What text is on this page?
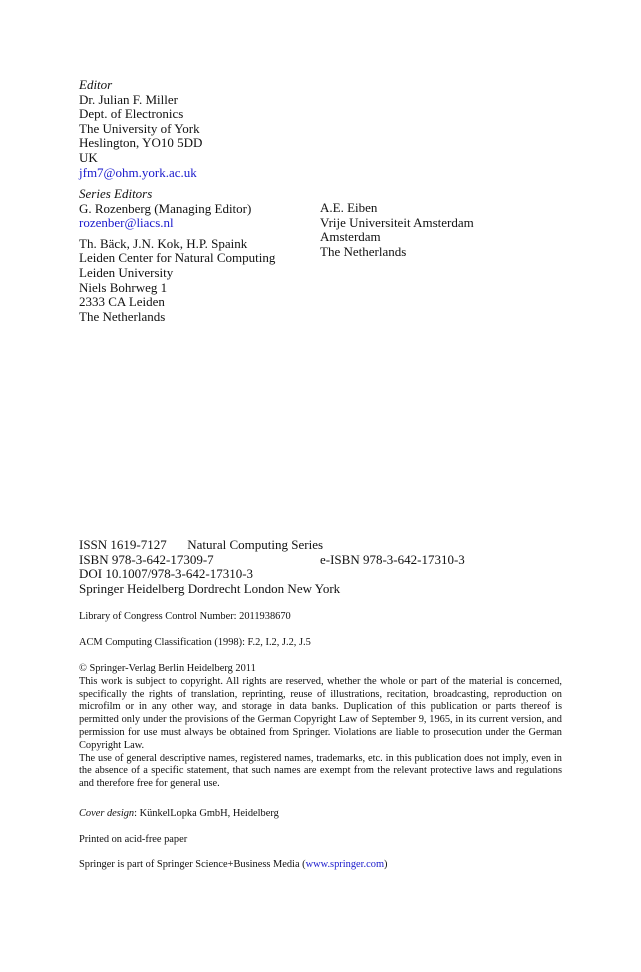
Editor
Dr. Julian F. Miller
Dept. of Electronics
The University of York
Heslington, YO10 5DD
UK
jfm7@ohm.york.ac.uk
Series Editors
G. Rozenberg (Managing Editor)
rozenber@liacs.nl
Th. Bäck, J.N. Kok, H.P. Spaink
Leiden Center for Natural Computing
Leiden University
Niels Bohrweg 1
2333 CA Leiden
The Netherlands
A.E. Eiben
Vrije Universiteit Amsterdam
Amsterdam
The Netherlands
ISSN 1619-7127 Natural Computing Series
ISBN 978-3-642-17309-7	e-ISBN 978-3-642-17310-3
DOI 10.1007/978-3-642-17310-3
Springer Heidelberg Dordrecht London New York
Library of Congress Control Number: 2011938670
ACM Computing Classification (1998): F.2, I.2, J.2, J.5
© Springer-Verlag Berlin Heidelberg 2011
This work is subject to copyright. All rights are reserved, whether the whole or part of the material is concerned, specifically the rights of translation, reprinting, reuse of illustrations, recitation, broadcasting, reproduction on microfilm or in any other way, and storage in data banks. Duplication of this publication or parts thereof is permitted only under the provisions of the German Copyright Law of September 9, 1965, in its current version, and permission for use must always be obtained from Springer. Violations are liable to prosecution under the German Copyright Law.
The use of general descriptive names, registered names, trademarks, etc. in this publication does not imply, even in the absence of a specific statement, that such names are exempt from the relevant protective laws and regulations and therefore free for general use.
Cover design: KünkelLopka GmbH, Heidelberg
Printed on acid-free paper
Springer is part of Springer Science+Business Media (www.springer.com)
